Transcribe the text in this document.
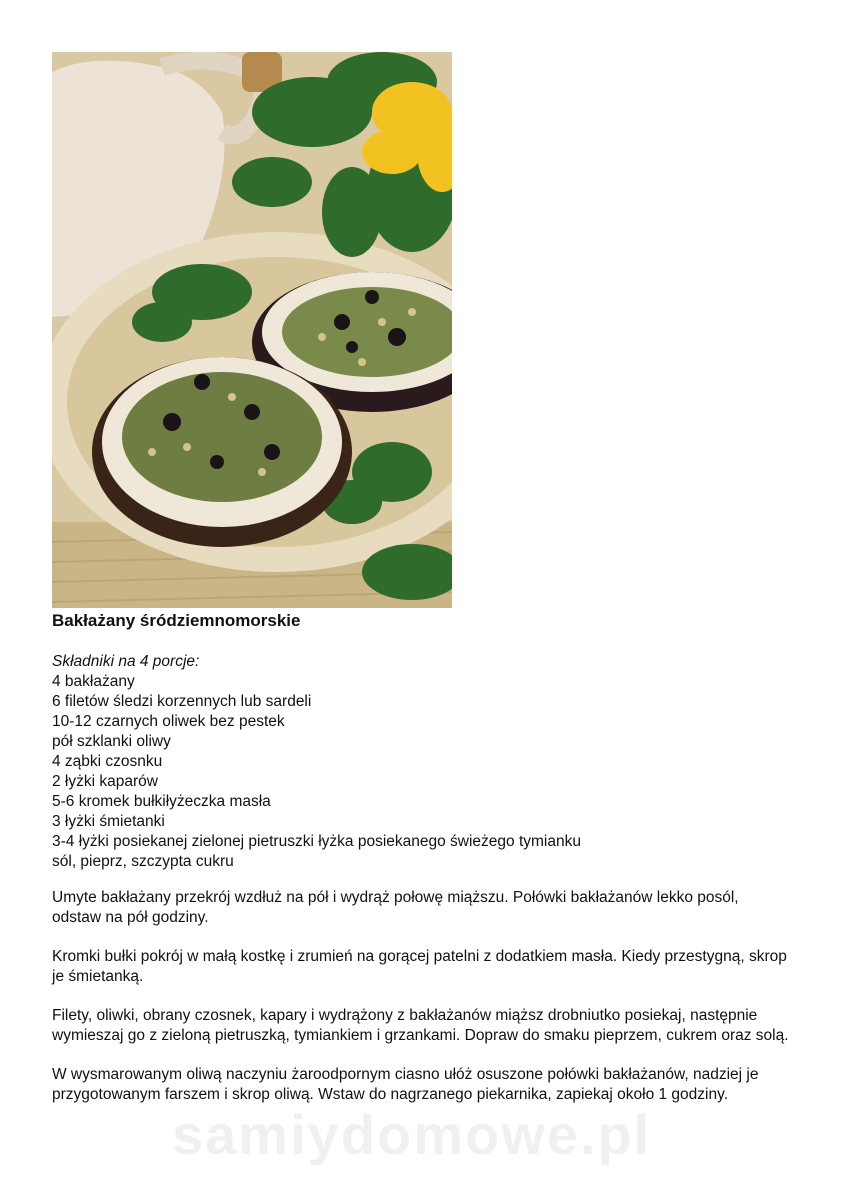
Bakłażany śródziemnomorskie
Składniki na 4 porcje:
4 bakłażany
6 filetów śledzi korzennych lub sardeli
10-12 czarnych oliwek bez pestek
pół szklanki oliwy
4 ząbki czosnku
2 łyżki kaparów
5-6 kromek bułkiłyżeczka masła
3 łyżki śmietanki
3-4 łyżki posiekanej zielonej pietruszki łyżka posiekanego świeżego tymianku
sól, pieprz, szczypta cukru

Umyte bakłażany przekrój wzdłuż na pół i wydrąż połowę miąższu. Połówki bakłażanów lekko posól, odstaw na pół godziny.

Kromki bułki pokrój w małą kostkę i zrumień na gorącej patelni z dodatkiem masła. Kiedy przestygną, skrop je śmietanką.

Filety, oliwki, obrany czosnek, kapary i wydrążony z bakłażanów miąższ drobniutko posiekaj, następnie wymieszaj go z zieloną pietruszką, tymiankiem i grzankami. Dopraw do smaku pieprzem, cukrem oraz solą.

W wysmarowanym oliwą naczyniu żaroodpornym ciasno ułóż osuszone połówki bakłażanów, nadziej je przygotowanym farszem i skrop oliwą. Wstaw do nagrzanego piekarnika, zapiekaj około 1 godziny.

samiydomowe.pl
